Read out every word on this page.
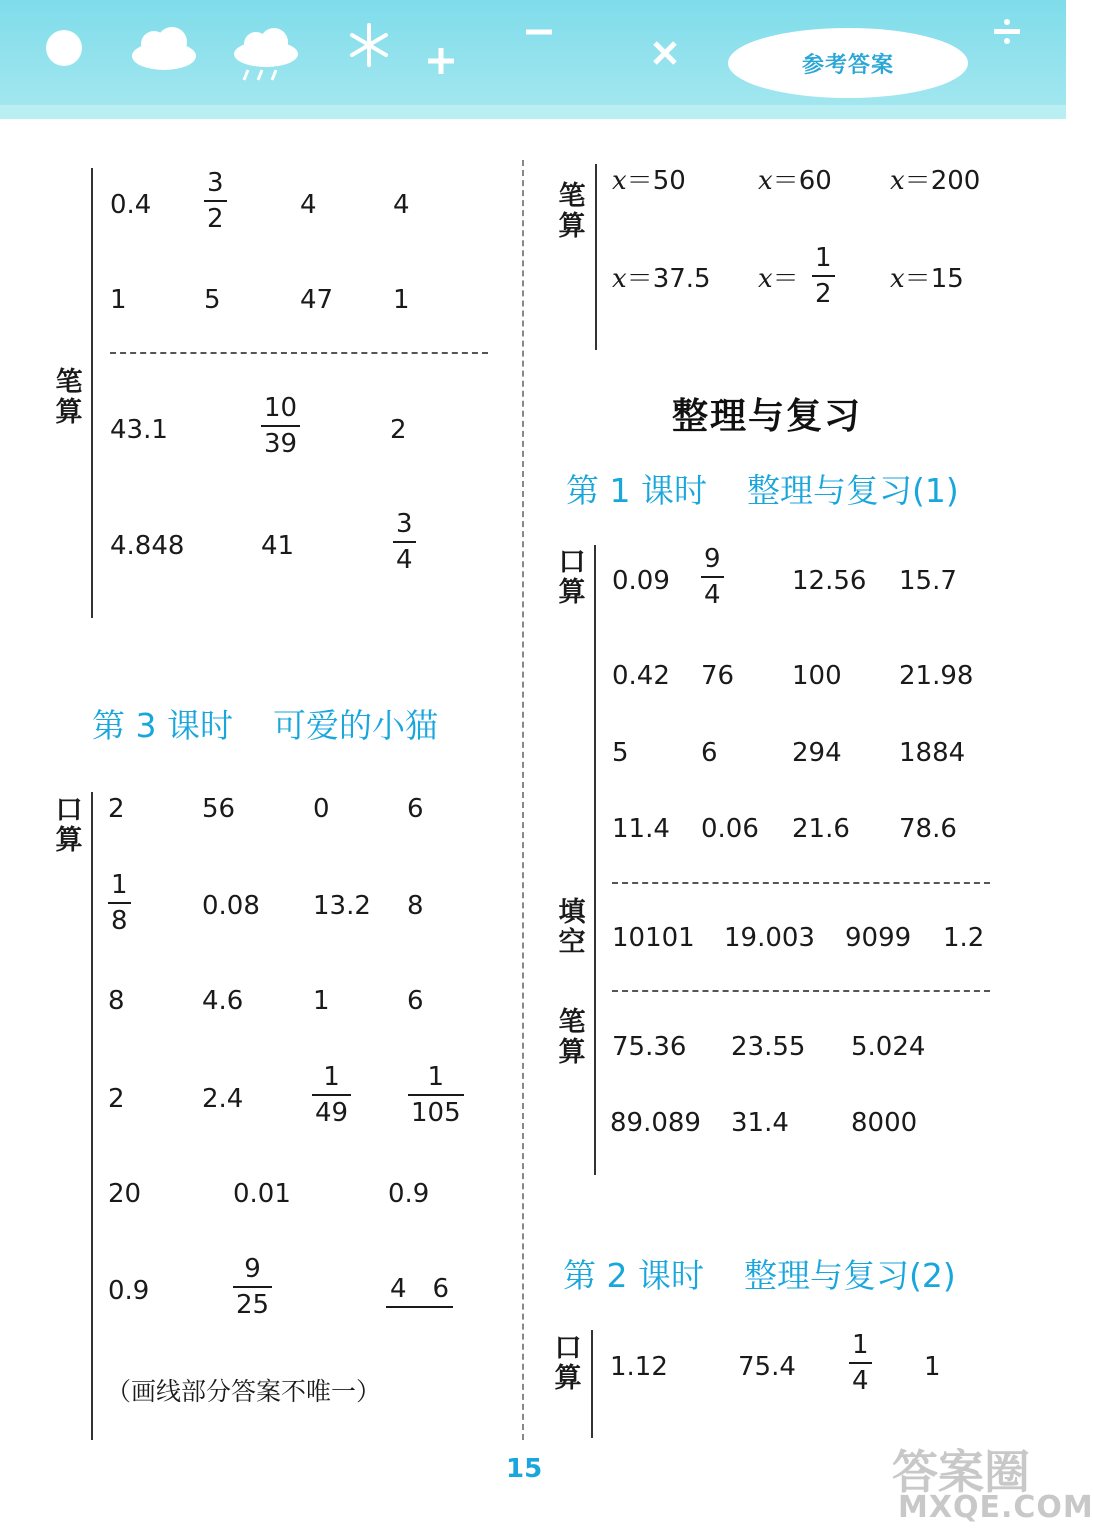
参考答案
笔算
$0.4 \frac{3}{2}$	4	4
1	5	47 1
43.1	$\frac{10}{39}$	2
4.848	41	$\frac{3}{4}$
第 3 课时 可爱的小猫
口算
2	56	0	6
$\frac{1}{8}$	0.08 13.2 8
8	4.6	1	6
2	2.4	$\frac{1}{49} \frac{1}{105}$
20	0.01	0.9
0.9	$\frac{9}{25}$	4　6
（画线部分答案不唯一）
笔算
x＝50	x＝60 x＝200
x＝37.5 $x= \frac{1}{2} x=15$
整理与复习
第 1 课时 整理与复习(1)
口算 $0.09 \frac{9}{4}$	12.56 15.7
0.42 76 100 21.98
5	6	294 1884
11.4 0.06 21.6 78.6
填空 10101 19.003 9099 1.2
笔算 75.36 23.55 5.024
89.089 31.4 8000
第 2 课时 整理与复习(2)
口算 1.12	$75.4 \frac{1}{4} 1$
15	答案圈
MXQE.COM
